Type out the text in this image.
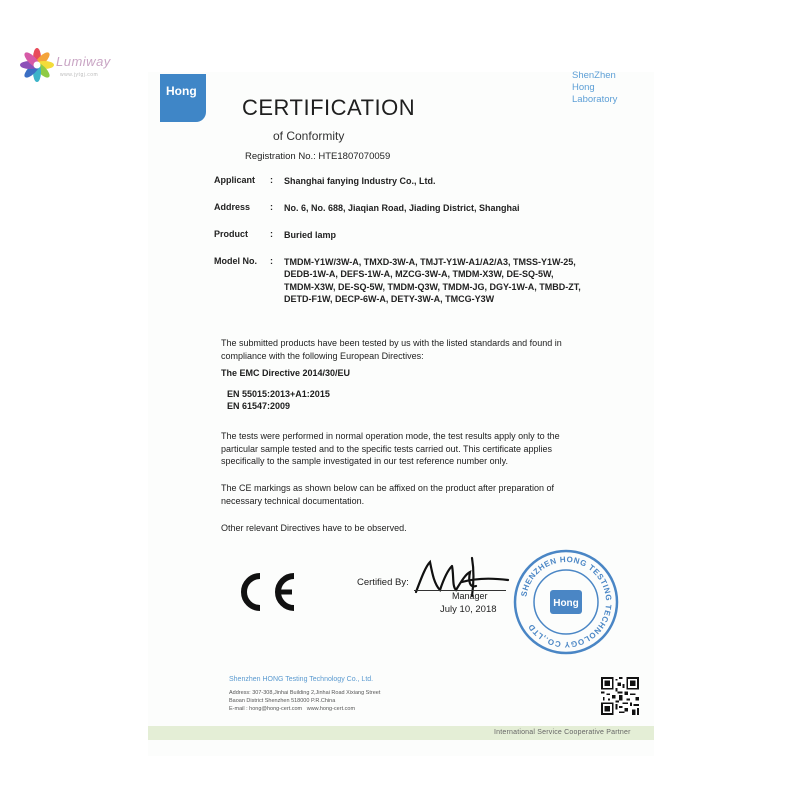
Lumiway
www.jytgj.com
Hong
ShenZhen
Hong
Laboratory
CERTIFICATION
of Conformity
Registration No.: HTE1807070059
Applicant : Shanghai fanying Industry Co., Ltd.
Address : No. 6, No. 688, Jiaqian Road, Jiading District, Shanghai
Product : Buried lamp
Model No. : TMDM-Y1W/3W-A, TMXD-3W-A, TMJT-Y1W-A1/A2/A3, TMSS-Y1W-25,
DEDB-1W-A, DEFS-1W-A, MZCG-3W-A, TMDM-X3W, DE-SQ-5W,
TMDM-X3W, DE-SQ-5W, TMDM-Q3W, TMDM-JG, DGY-1W-A, TMBD-ZT,
DETD-F1W, DECP-6W-A, DETY-3W-A, TMCG-Y3W
The submitted products have been tested by us with the listed standards and found in
compliance with the following European Directives:
The EMC Directive 2014/30/EU
EN 55015:2013+A1:2015
EN 61547:2009
The tests were performed in normal operation mode, the test results apply only to the
particular sample tested and to the specific tests carried out. This certificate applies
specifically to the sample investigated in our test reference number only.
The CE markings as shown below can be affixed on the product after preparation of
necessary technical documentation.
Other relevant Directives have to be observed.
Certified By:
Manager
July 10, 2018
SHENZHEN HONG TESTING TECHNOLOGY CO.,LTD
Hong
Shenzhen HONG Testing Technology Co., Ltd.
Address: 307-308,Jinhai Building 2,Jinhai Road Xixiang Street
Baoan District Shenzhen 518000 P.R.China
E-mail : hong@hong-cert.com   www.hong-cert.com
International Service Cooperative Partner
